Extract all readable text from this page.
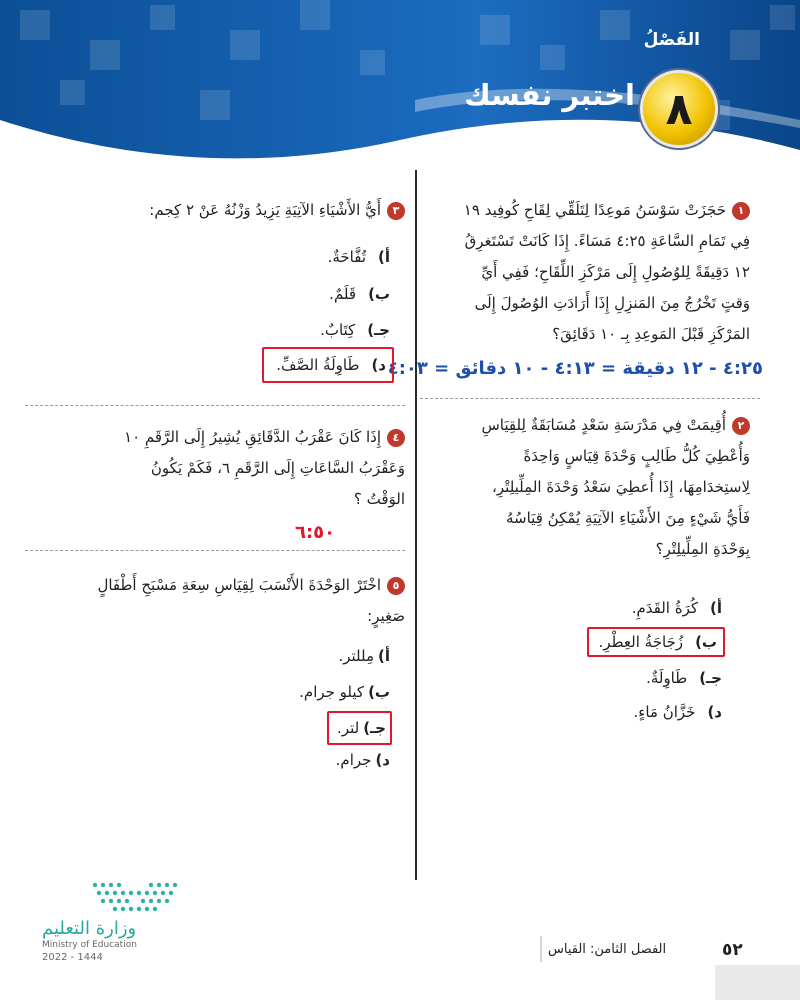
الفَصْلُ
٨
اختبر نفسك
١حَجَزَتْ سَوْسَنُ مَوعِدًا لِتَلَقِّي لِقَاحِ كُوفِيد ١٩
فِي تَمَامِ السَّاعَةِ ٤:٢٥ مَسَاءً. إِذَا كَانَتْ تَسْتَغرِقُ
١٢ دَقِيقَةً لِلوُصُولِ إِلَى مَرْكَزِ اللِّقَاحِ؛ فَفِي أَيِّ
وَقتٍ تَخْرُجُ مِنَ المَنزِلِ إِذَا أَرَادَتِ الوُصُولَ إِلَى
المَرْكَزِ قَبْلَ المَوعِدِ بِـ ١٠ دَقَائِقَ؟
٤:٢٥ - ١٢ دقيقة = ٤:١٣ - ١٠ دقائق = ٤:٠٣
٢أُقِيمَتْ فِي مَدْرَسَةِ سَعْدٍ مُسَابَقَةٌ لِلقِيَاسِ
وَأُعْطِيَ كُلُّ طَالِبٍ وَحْدَةَ قِيَاسٍ وَاحِدَةً
لِاستِخدَامِهَا، إِذَا أُعطِيَ سَعْدُ وَحْدَةَ المِلِّيلِتْرِ،
فَأَيُّ شَيْءٍ مِنَ الأَشْيَاءِ الآتِيَةِ يُمْكِنُ قِيَاسُهُ
بِوَحْدَةِ المِلِّيلِتْرِ؟
أ)كُرَةُ القَدَمِ.
ب)زُجَاجَةُ العِطْرِ.
جـ)طَاوِلَةٌ.
د)خَزَّانُ مَاءٍ.
٣أَيُّ الأَشْيَاءِ الآتِيَةِ يَزِيدُ وَزْنُهُ عَنْ ٢ كِجم:
أ)تُفَّاحَةٌ.
ب)قَلَمٌ.
جـ)كِتَابٌ.
د)طَاوِلَةُ الصَّفِّ.
٤إِذَا كَانَ عَقْرَبُ الدَّقَائِقِ يُشِيرُ إِلَى الرَّقَمِ ١٠
وَعَقْرَبُ السَّاعَاتِ إِلَى الرَّقَمِ ٦، فَكَمْ يَكُونُ
الوَقْتُ ؟
٦:٥٠
٥اخْتَرْ الوَحْدَةَ الأَنْسَبَ لِقِيَاسِ سِعَةِ مَسْبَحِ أَطْفَالٍ
صَغِيرٍ:
أ)مِللتر.
ب)كيلو جرام.
جـ)لتر.
د)جرام.
وزارة التعليم
Ministry of Education
2022 - 1444
الفصل الثامن: القياس	٥٢
